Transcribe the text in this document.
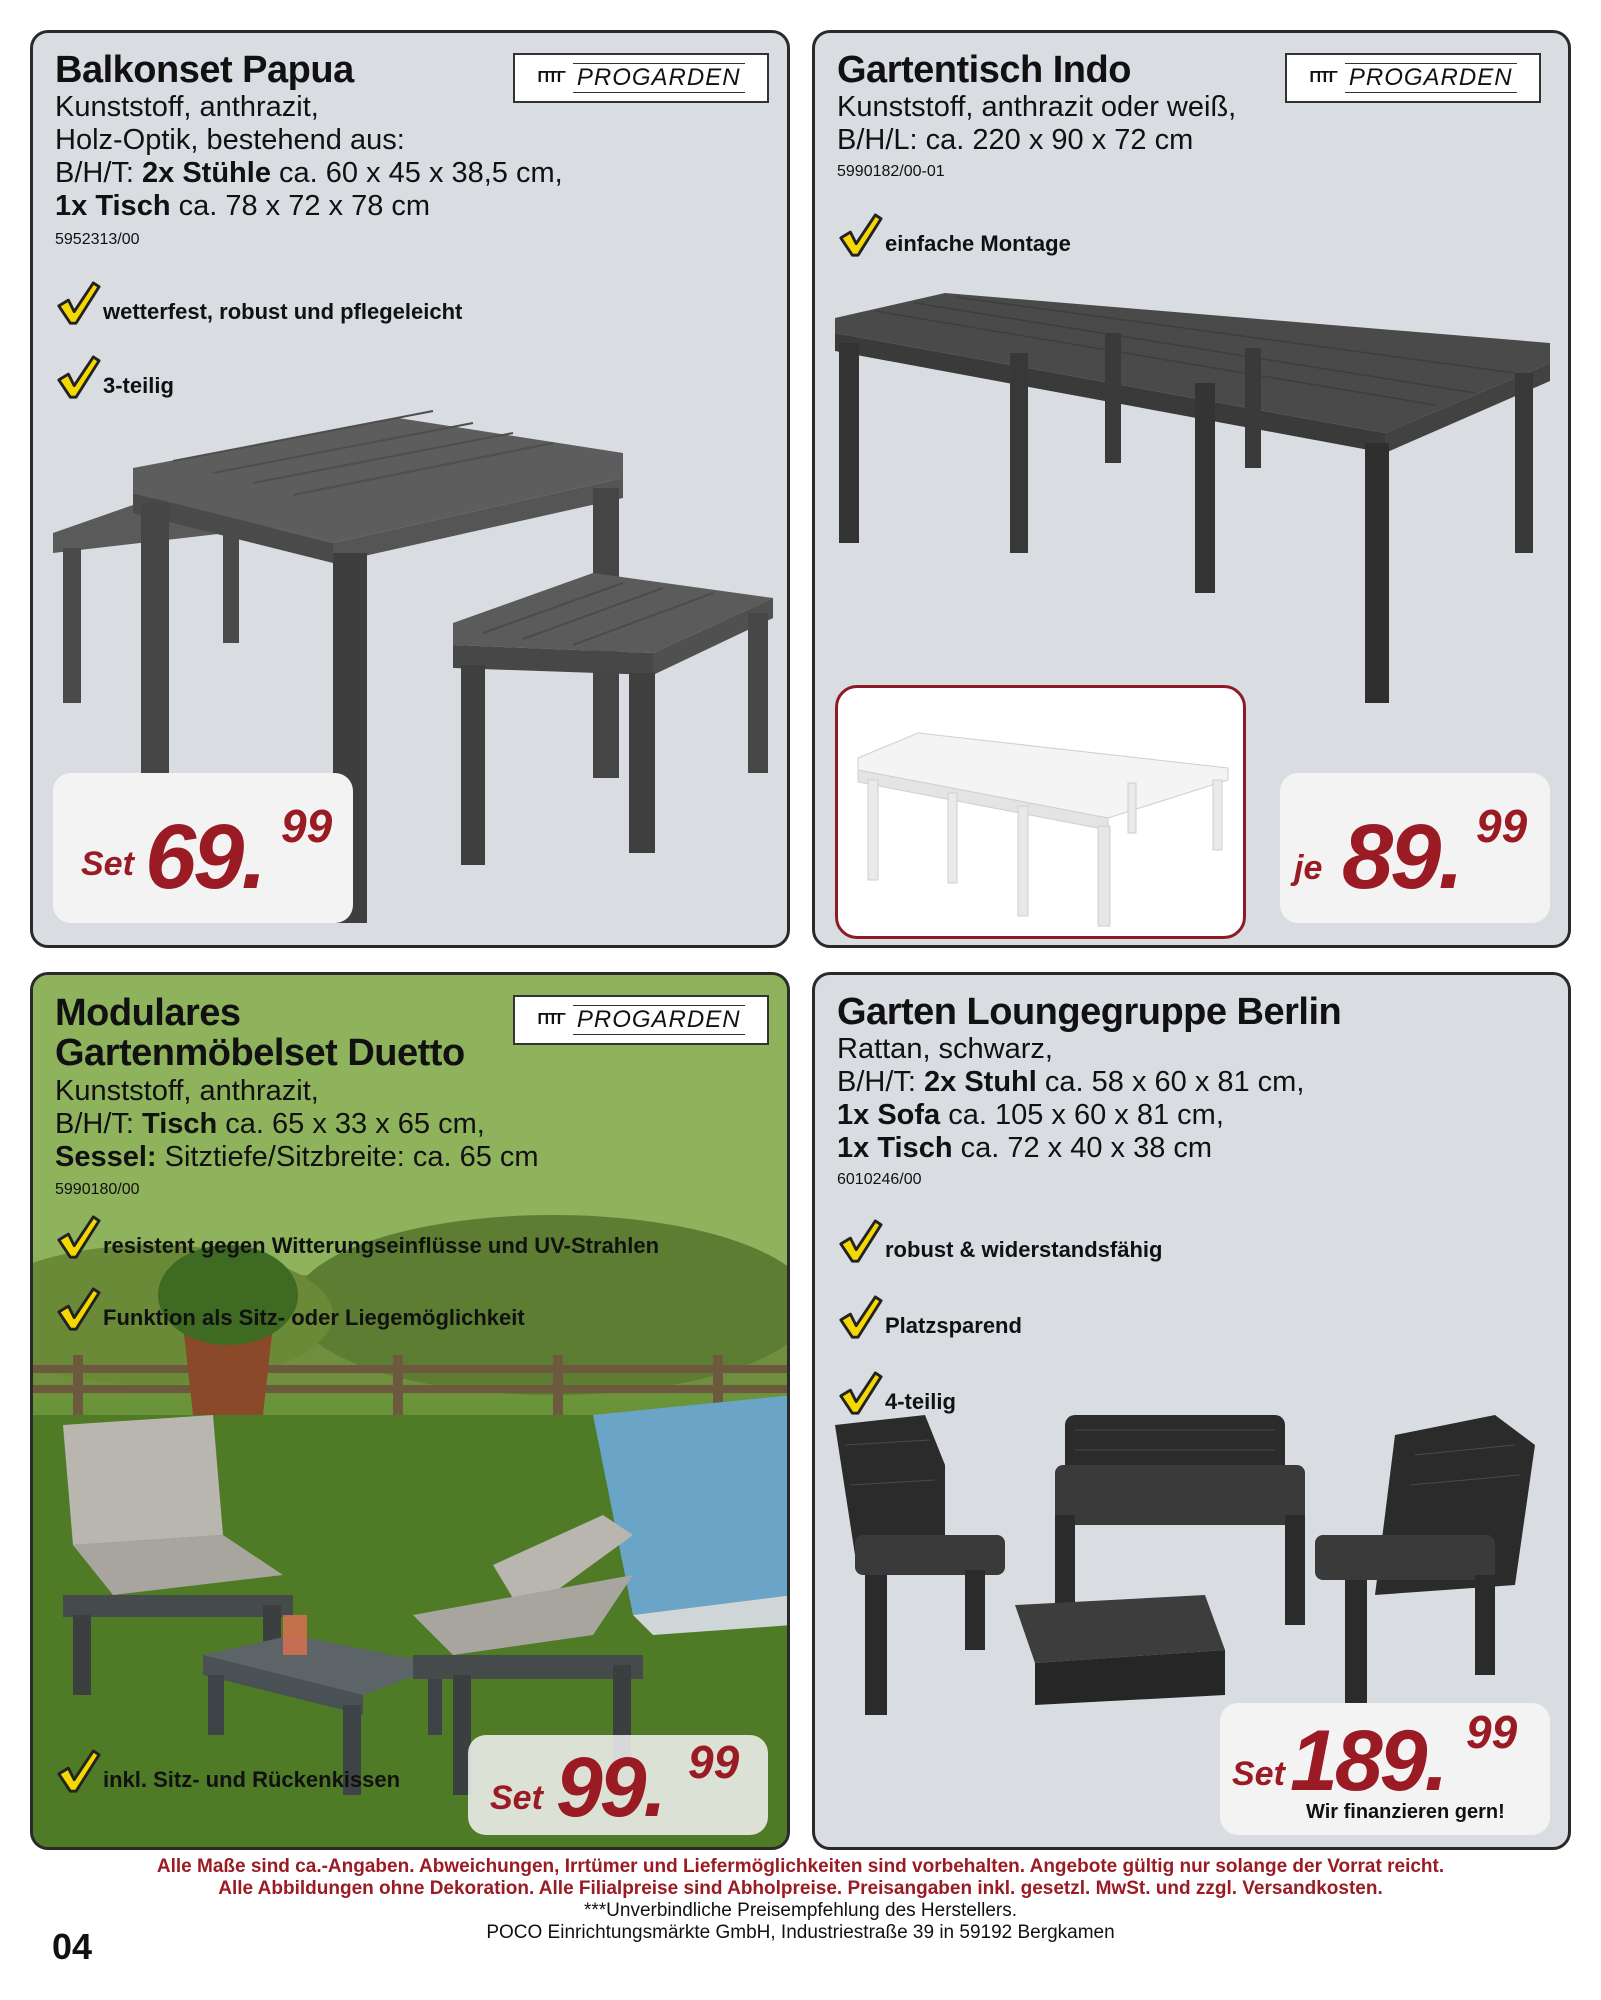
Balkonset Papua	ΠТГ PROGARDEN
Kunststoff, anthrazit,
Holz-Optik, bestehend aus:
B/H/T: 2x Stühle ca. 60 x 45 x 38,5 cm,
1x Tisch ca. 78 x 72 x 78 cm
5952313/00
wetterfest, robust und pflegeleicht
3-teilig
Set 69. 99
Gartentisch Indo	ΠТГ PROGARDEN
Kunststoff, anthrazit oder weiß,
B/H/L: ca. 220 x 90 x 72 cm
5990182/00-01
einfache Montage
je 89. 99
Modulares
Gartenmöbelset Duetto
ΠТГ PROGARDEN
Kunststoff, anthrazit,
B/H/T: Tisch ca. 65 x 33 x 65 cm,
Sessel: Sitztiefe/Sitzbreite: ca. 65 cm
5990180/00
resistent gegen Witterungseinflüsse und UV-Strahlen
Funktion als Sitz- oder Liegemöglichkeit
inkl. Sitz- und Rückenkissen	Set 99. 99
Garten Loungegruppe Berlin
Rattan, schwarz,
B/H/T: 2x Stuhl ca. 58 x 60 x 81 cm,
1x Sofa ca. 105 x 60 x 81 cm,
1x Tisch ca. 72 x 40 x 38 cm
6010246/00
robust & widerstandsfähig
Platzsparend
4-teilig
Set 189. 99
Wir finanzieren gern!
Alle Maße sind ca.-Angaben. Abweichungen, Irrtümer und Liefermöglichkeiten sind vorbehalten. Angebote gültig nur solange der Vorrat reicht.
Alle Abbildungen ohne Dekoration. Alle Filialpreise sind Abholpreise. Preisangaben inkl. gesetzl. MwSt. und zzgl. Versandkosten.
***Unverbindliche Preisempfehlung des Herstellers.
POCO Einrichtungsmärkte GmbH, Industriestraße 39 in 59192 Bergkamen
04
